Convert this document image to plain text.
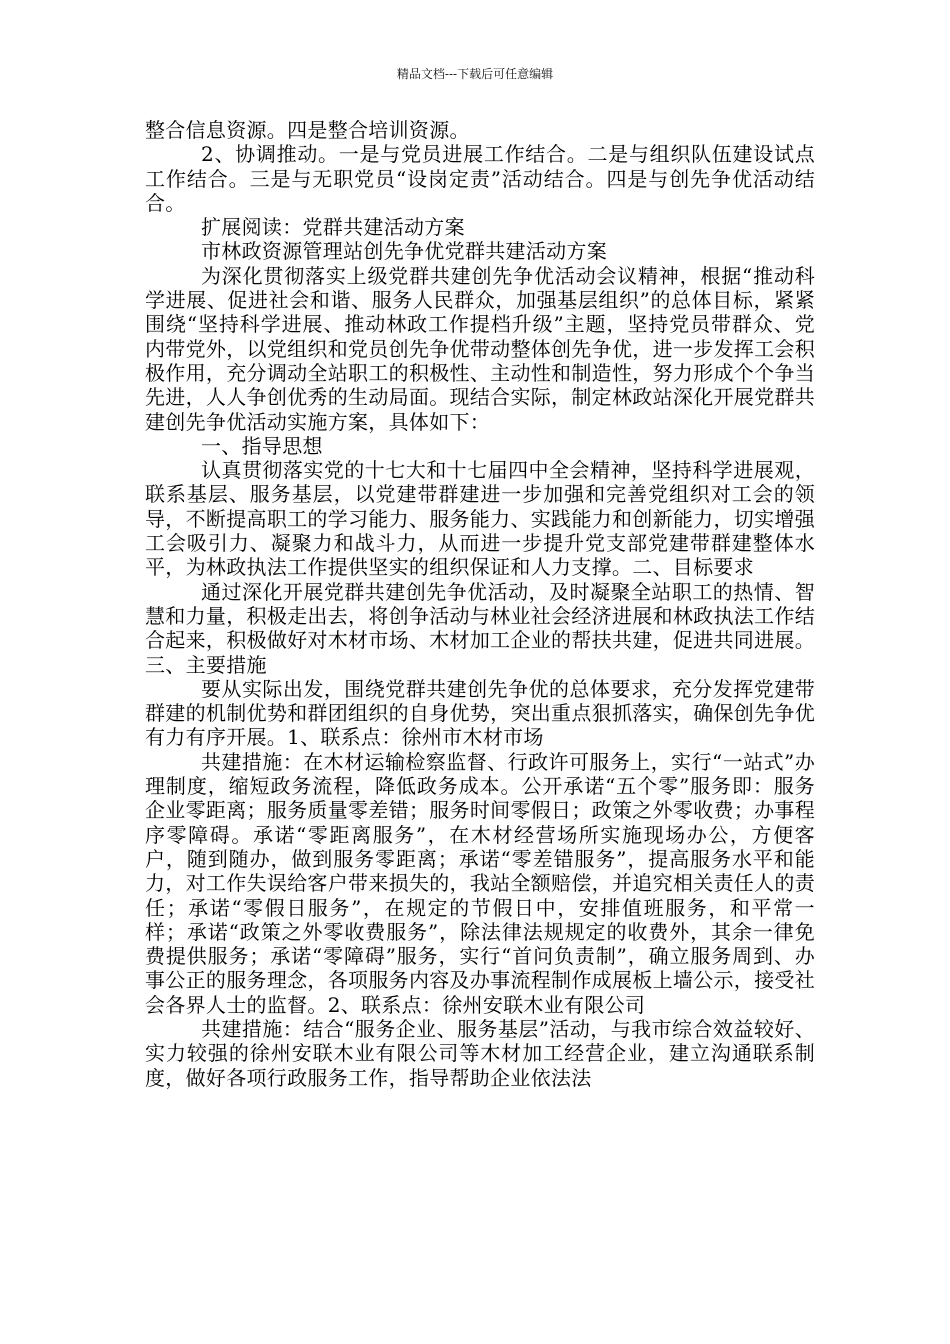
精品文档---下载后可任意编辑

整合信息资源。四是整合培训资源。

2、协调推动。一是与党员进展工作结合。二是与组织队伍建设试点工作结合。三是与无职党员“设岗定责”活动结合。四是与创先争优活动结合。

扩展阅读：党群共建活动方案

市林政资源管理站创先争优党群共建活动方案

为深化贯彻落实上级党群共建创先争优活动会议精神，根据“推动科学进展、促进社会和谐、服务人民群众，加强基层组织”的总体目标，紧紧围绕“坚持科学进展、推动林政工作提档升级”主题，坚持党员带群众、党内带党外，以党组织和党员创先争优带动整体创先争优，进一步发挥工会积极作用，充分调动全站职工的积极性、主动性和制造性，努力形成个个争当先进，人人争创优秀的生动局面。现结合实际，制定林政站深化开展党群共建创先争优活动实施方案，具体如下：

一、指导思想

认真贯彻落实党的十七大和十七届四中全会精神，坚持科学进展观，联系基层、服务基层，以党建带群建进一步加强和完善党组织对工会的领导，不断提高职工的学习能力、服务能力、实践能力和创新能力，切实增强工会吸引力、凝聚力和战斗力，从而进一步提升党支部党建带群建整体水平，为林政执法工作提供坚实的组织保证和人力支撑。二、目标要求

通过深化开展党群共建创先争优活动，及时凝聚全站职工的热情、智慧和力量，积极走出去，将创争活动与林业社会经济进展和林政执法工作结合起来，积极做好对木材市场、木材加工企业的帮扶共建，促进共同进展。三、主要措施

要从实际出发，围绕党群共建创先争优的总体要求，充分发挥党建带群建的机制优势和群团组织的自身优势，突出重点狠抓落实，确保创先争优有力有序开展。1、联系点：徐州市木材市场

共建措施：在木材运输检察监督、行政许可服务上，实行“一站式”办理制度，缩短政务流程，降低政务成本。公开承诺“五个零”服务即：服务企业零距离；服务质量零差错；服务时间零假日；政策之外零收费；办事程序零障碍。承诺“零距离服务”，在木材经营场所实施现场办公，方便客户，随到随办，做到服务零距离；承诺“零差错服务”，提高服务水平和能力，对工作失误给客户带来损失的，我站全额赔偿，并追究相关责任人的责任；承诺“零假日服务”，在规定的节假日中，安排值班服务，和平常一样；承诺“政策之外零收费服务”，除法律法规规定的收费外，其余一律免费提供服务；承诺“零障碍”服务，实行“首问负责制”，确立服务周到、办事公正的服务理念，各项服务内容及办事流程制作成展板上墙公示，接受社会各界人士的监督。2、联系点：徐州安联木业有限公司

共建措施：结合“服务企业、服务基层”活动，与我市综合效益较好、实力较强的徐州安联木业有限公司等木材加工经营企业，建立沟通联系制度，做好各项行政服务工作，指导帮助企业依法法
